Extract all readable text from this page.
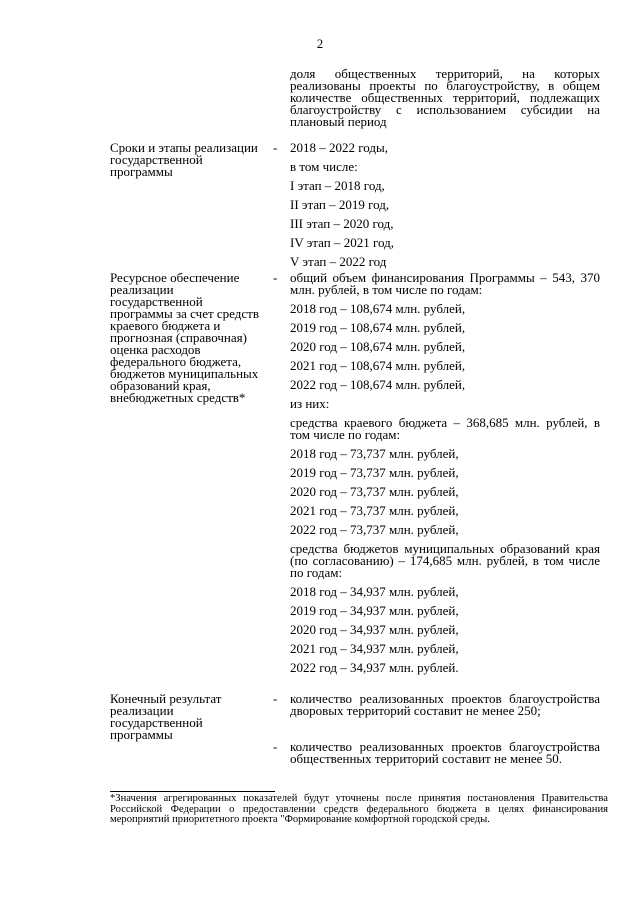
2
доля общественных территорий, на которых реализованы проекты по благоустройству, в общем количестве общественных территорий, подлежащих благоустройству с использованием субсидии на плановый период
Сроки и этапы реализации государственной программы
- 2018 – 2022 годы,
в том числе:
I этап – 2018 год,
II этап – 2019 год,
III этап – 2020 год,
IV этап – 2021 год,
V этап – 2022 год
Ресурсное обеспечение реализации государственной программы за счет средств краевого бюджета и прогнозная (справочная) оценка расходов федерального бюджета, бюджетов муниципальных образований края, внебюджетных средств*
- общий объем финансирования Программы – 543, 370 млн. рублей, в том числе по годам:
2018 год – 108,674 млн. рублей,
2019 год – 108,674 млн. рублей,
2020 год – 108,674 млн. рублей,
2021 год – 108,674 млн. рублей,
2022 год – 108,674 млн. рублей,
из них:
средства краевого бюджета – 368,685 млн. рублей, в том числе по годам:
2018 год – 73,737 млн. рублей,
2019 год – 73,737 млн. рублей,
2020 год – 73,737 млн. рублей,
2021 год – 73,737 млн. рублей,
2022 год – 73,737 млн. рублей,
средства бюджетов муниципальных образований края (по согласованию) – 174,685 млн. рублей, в том числе по годам:
2018 год – 34,937 млн. рублей,
2019 год – 34,937 млн. рублей,
2020 год – 34,937 млн. рублей,
2021 год – 34,937 млн. рублей,
2022 год – 34,937 млн. рублей.
Конечный результат реализации государственной программы
- количество реализованных проектов благоустройства дворовых территорий составит не менее 250;
- количество реализованных проектов благоустройства общественных территорий составит не менее 50.
*Значения агрегированных показателей будут уточнены после принятия постановления Правительства Российской Федерации о предоставлении средств федерального бюджета в целях финансирования мероприятий приоритетного проекта "Формирование комфортной городской среды.
